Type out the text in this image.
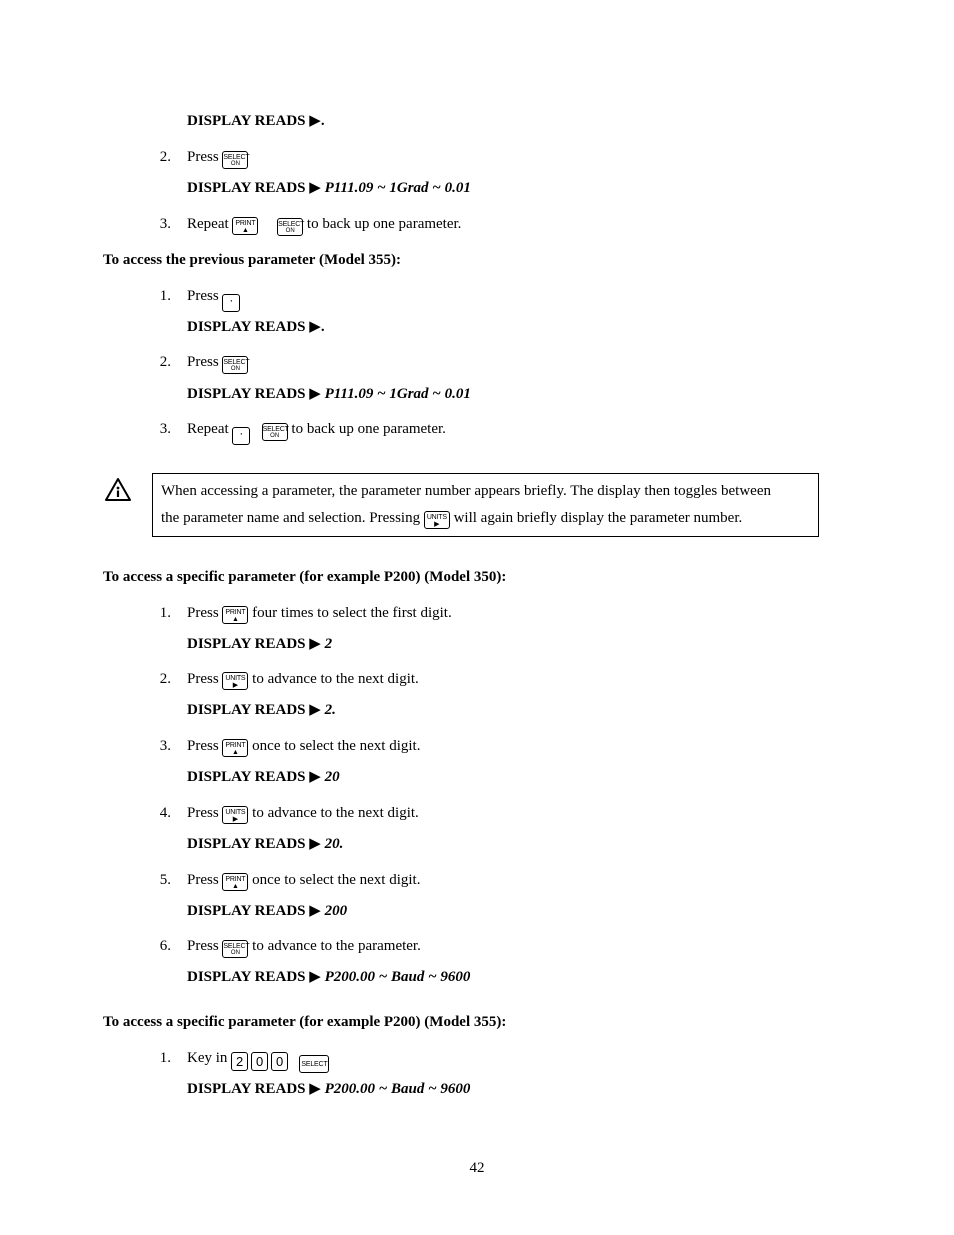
DISPLAY READS ▶.
2. Press SELECT
ON
DISPLAY READS ▶ P111.09 ~ 1Grad ~ 0.01
3. Repeat PRINT
▲

SELECT
ON to back up one parameter.
To access the previous parameter (Model 355):
1. Press ·
DISPLAY READS ▶.
2. Press SELECT
ON
DISPLAY READS ▶ P111.09 ~ 1Grad ~ 0.01
3. Repeat ·
	SELECT
ON to back up one parameter.
When accessing a parameter, the parameter number appears briefly. The display then toggles between
the parameter name and selection. Pressing UNITS
▶ will again briefly display the parameter number.
To access a specific parameter (for example P200) (Model 350):
1. Press PRINT
▲ four times to select the first digit.
DISPLAY READS ▶ 2
2. Press UNITS
▶ to advance to the next digit.
DISPLAY READS ▶ 2.
3. Press PRINT
▲ once to select the next digit.
DISPLAY READS ▶ 20
4. Press UNITS
▶ to advance to the next digit.
DISPLAY READS ▶ 20.
5. Press PRINT
▲ once to select the next digit.
DISPLAY READS ▶ 200
6. Press SELECT
ON to advance to the parameter.
DISPLAY READS ▶ P200.00 ~ Baud ~ 9600
To access a specific parameter (for example P200) (Model 355):
1. Key in 2 0 0
	SELECT
DISPLAY READS ▶ P200.00 ~ Baud ~ 9600
42
